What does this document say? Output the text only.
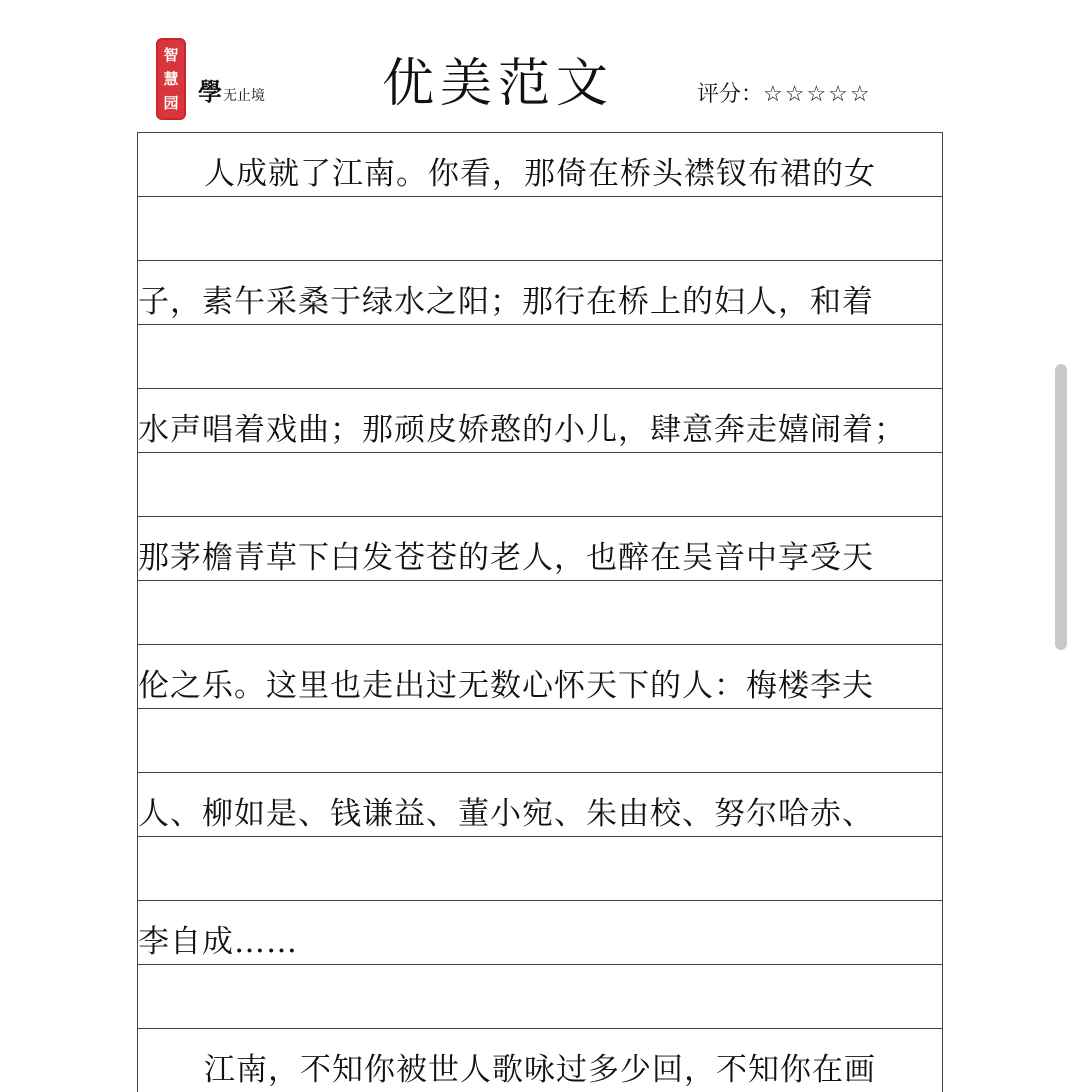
智
慧
园 學 无止境 优美范文	评分：☆☆☆☆☆
人成就了江南。你看，那倚在桥头襟钗布裙的女
子，素午采桑于绿水之阳；那行在桥上的妇人，和着
水声唱着戏曲；那顽皮娇憨的小儿，肆意奔走嬉闹着；
那茅檐青草下白发苍苍的老人，也醉在吴音中享受天
伦之乐。这里也走出过无数心怀天下的人：梅楼李夫
人、柳如是、钱谦益、董小宛、朱由校、努尔哈赤、
李自成……
江南，不知你被世人歌咏过多少回，不知你在画
